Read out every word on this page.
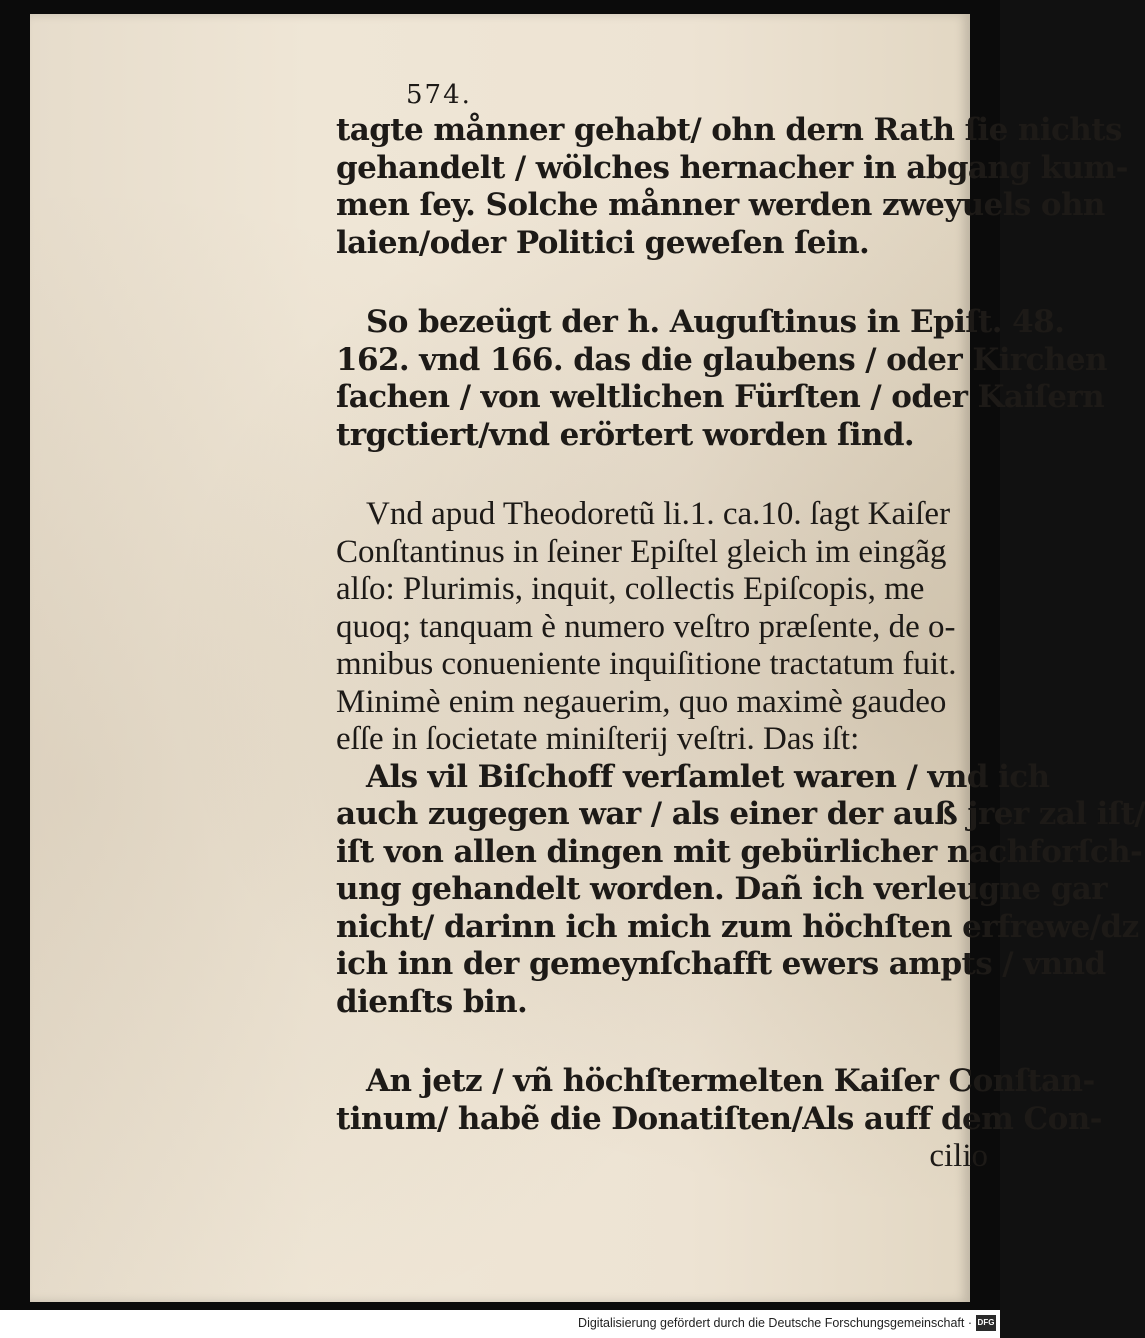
574.
tagte månner gehabt/ ohn dern Rath ſie nichts
gehandelt / wölches hernacher in abgang kum-
men ſey. Solche månner werden zweyuels ohn
laien/oder Politici geweſen ſein.
So bezeügt der h. Auguſtinus in Epiſt. 48.
162. vnd 166. das die glaubens / oder Kirchen
ſachen / von weltlichen Fürſten / oder Kaiſern
trgctiert/vnd erörtert worden ſind.
Vnd apud Theodoretũ li.1. ca.10. ſagt Kaiſer
Conſtantinus in ſeiner Epiſtel gleich im eingãg
alſo: Plurimis, inquit, collectis Epiſcopis, me
quoq; tanquam è numero veſtro præſente, de o-
mnibus conueniente inquiſitione tractatum fuit.
Minimè enim negauerim, quo maximè gaudeo
eſſe in ſocietate miniſterij veſtri. Das iſt:
Als vil Biſchoff verſamlet waren / vnd ich
auch zugegen war / als einer der auß jrer zal iſt/
iſt von allen dingen mit gebürlicher nachforſch-
ung gehandelt worden. Dañ ich verleugne gar
nicht/ darinn ich mich zum höchſten erfrewe/dz
ich inn der gemeynſchafft ewers ampts / vnnd
dienſts bin.
An jetz / vñ höchſtermelten Kaiſer Conſtan-
tinum/ habẽ die Donatiſten/Als auff dem Con-
cilio
Digitalisierung gefördert durch die Deutsche Forschungsgemeinschaft · DFG
